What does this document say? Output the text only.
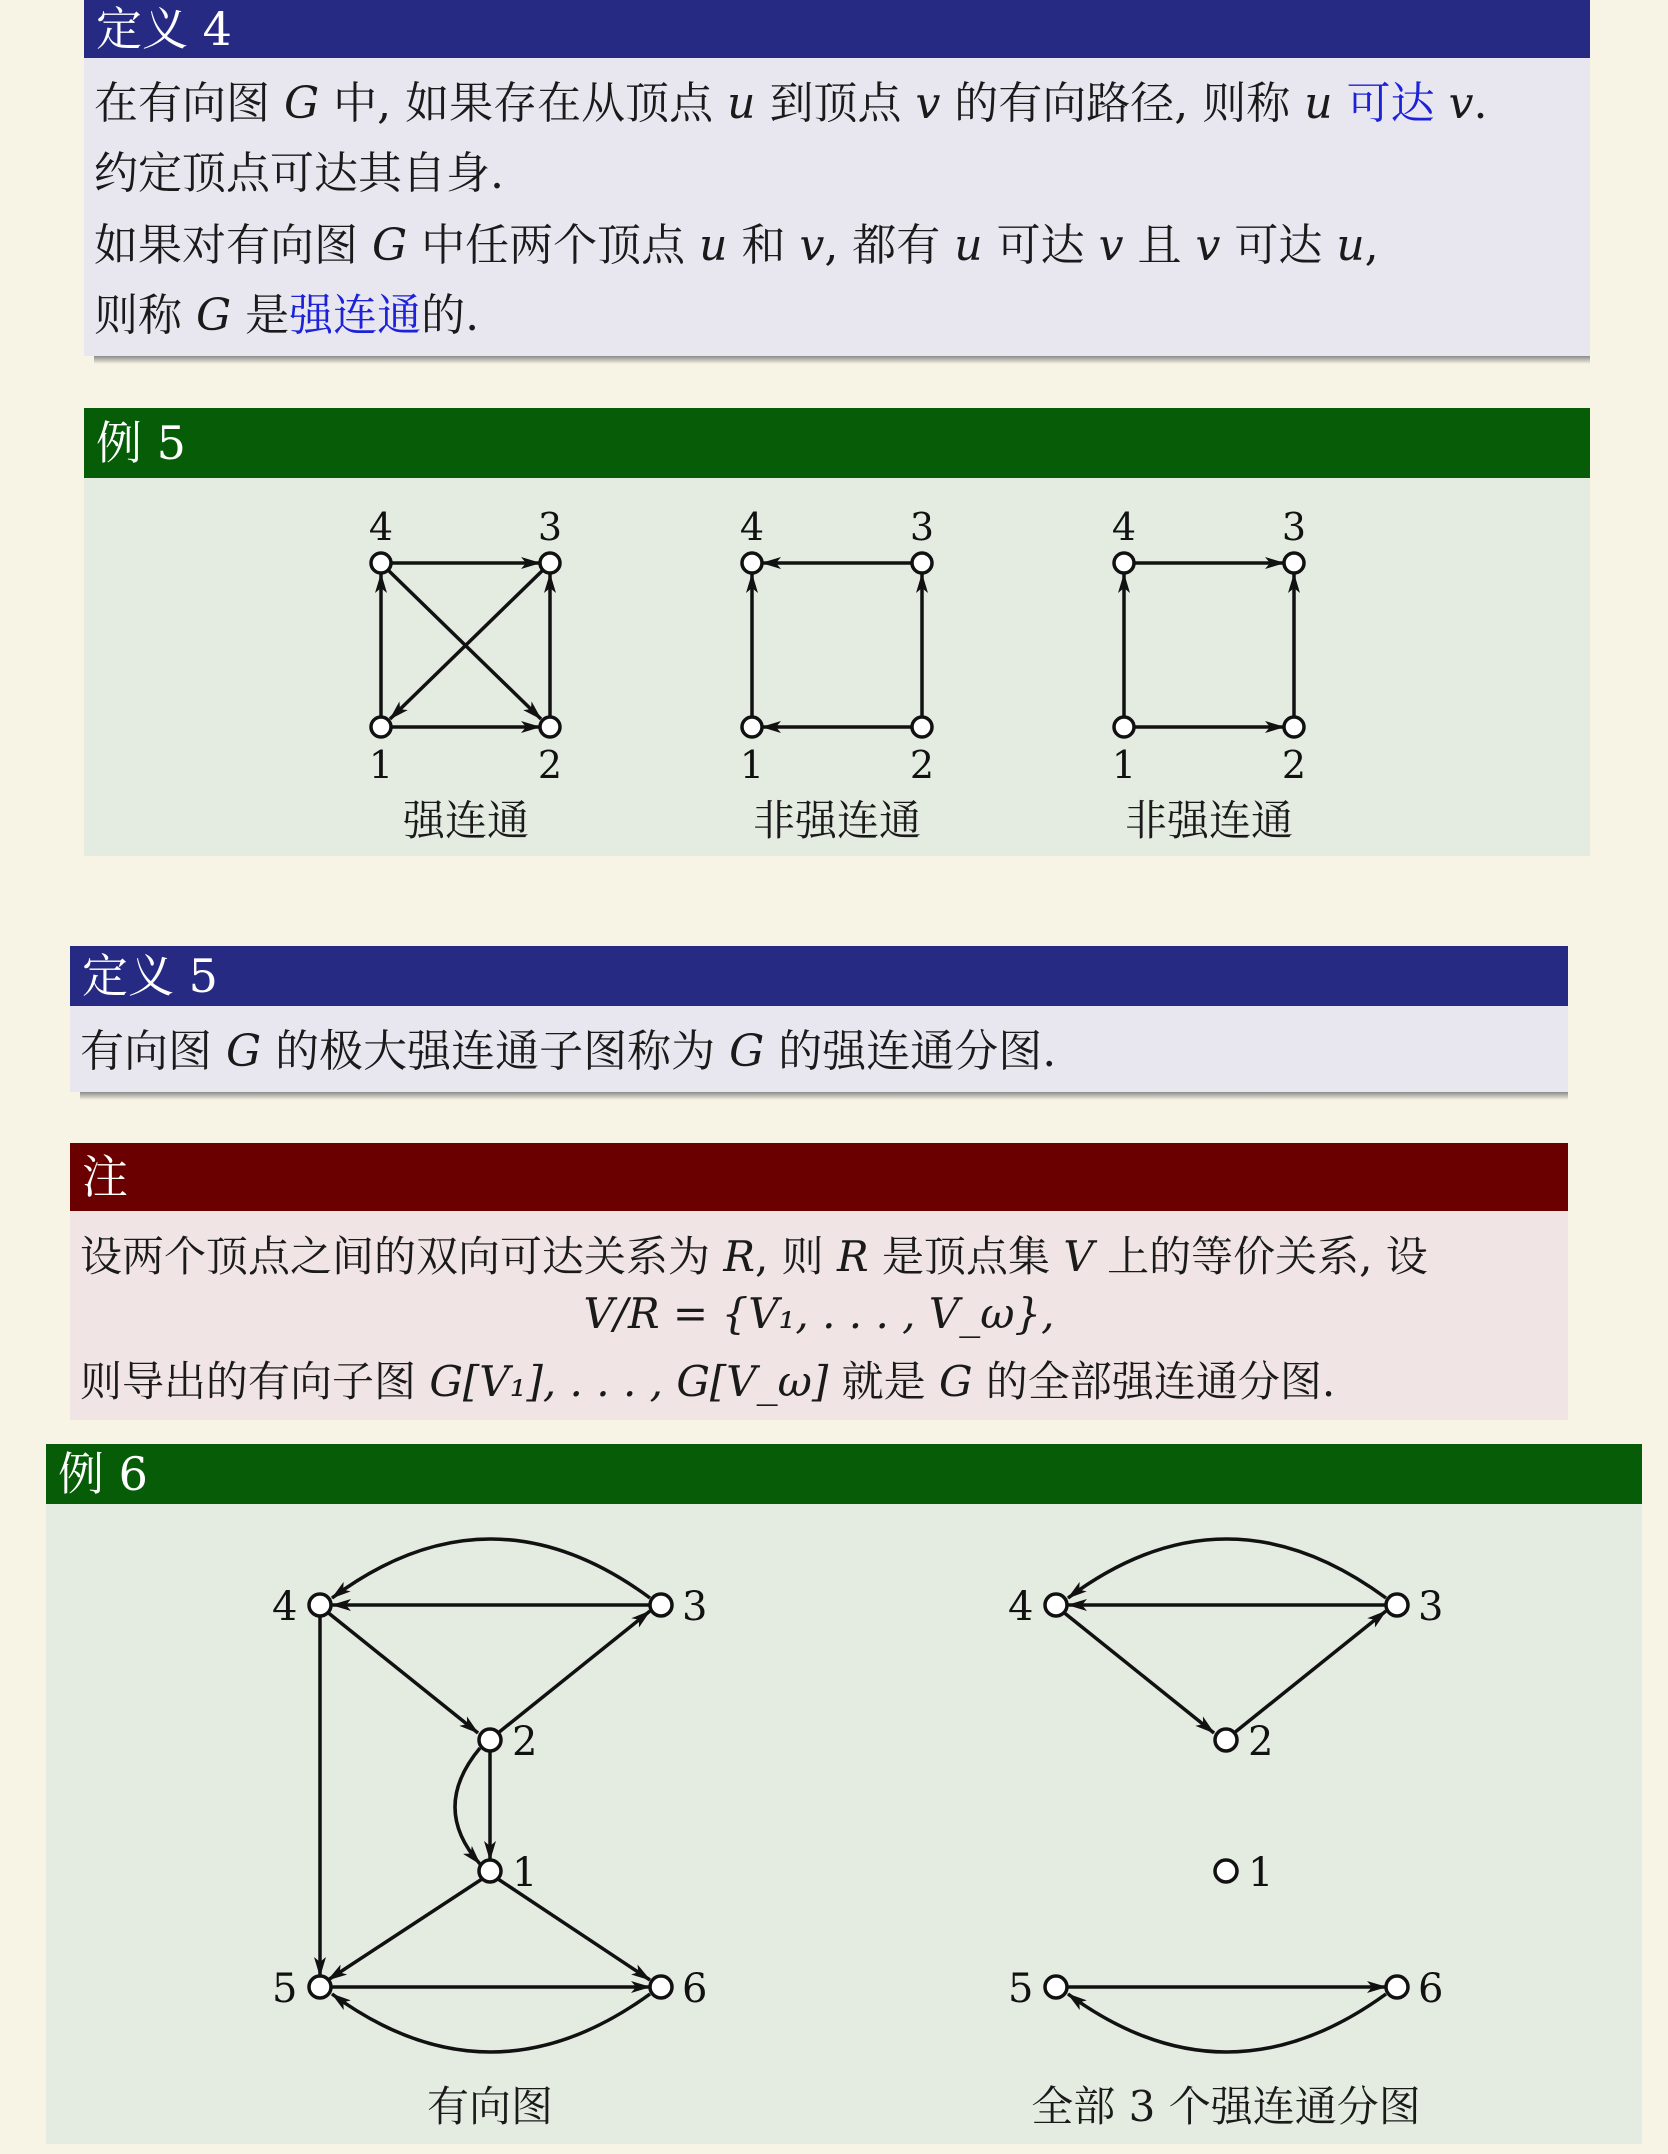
定义 4
在有向图 G 中, 如果存在从顶点 u 到顶点 v 的有向路径, 则称 u 可达 v.
约定顶点可达其自身.
如果对有向图 G 中任两个顶点 u 和 v, 都有 u 可达 v 且 v 可达 u,
则称 G 是强连通的.
例 5
4	3
1	2
4	3
1	2
4	3
1	2
强连通	非强连通	非强连通
定义 5
有向图 G 的极大强连通子图称为 G 的强连通分图.
注
设两个顶点之间的双向可达关系为 R, 则 R 是顶点集 V 上的等价关系, 设
V/R = {V₁, . . . , V_ω},
则导出的有向子图 G[V₁], . . . , G[V_ω] 就是 G 的全部强连通分图.
例 6
4	3
2
1
5	6
4	3
2
1
5	6
有向图	全部 3 个强连通分图
